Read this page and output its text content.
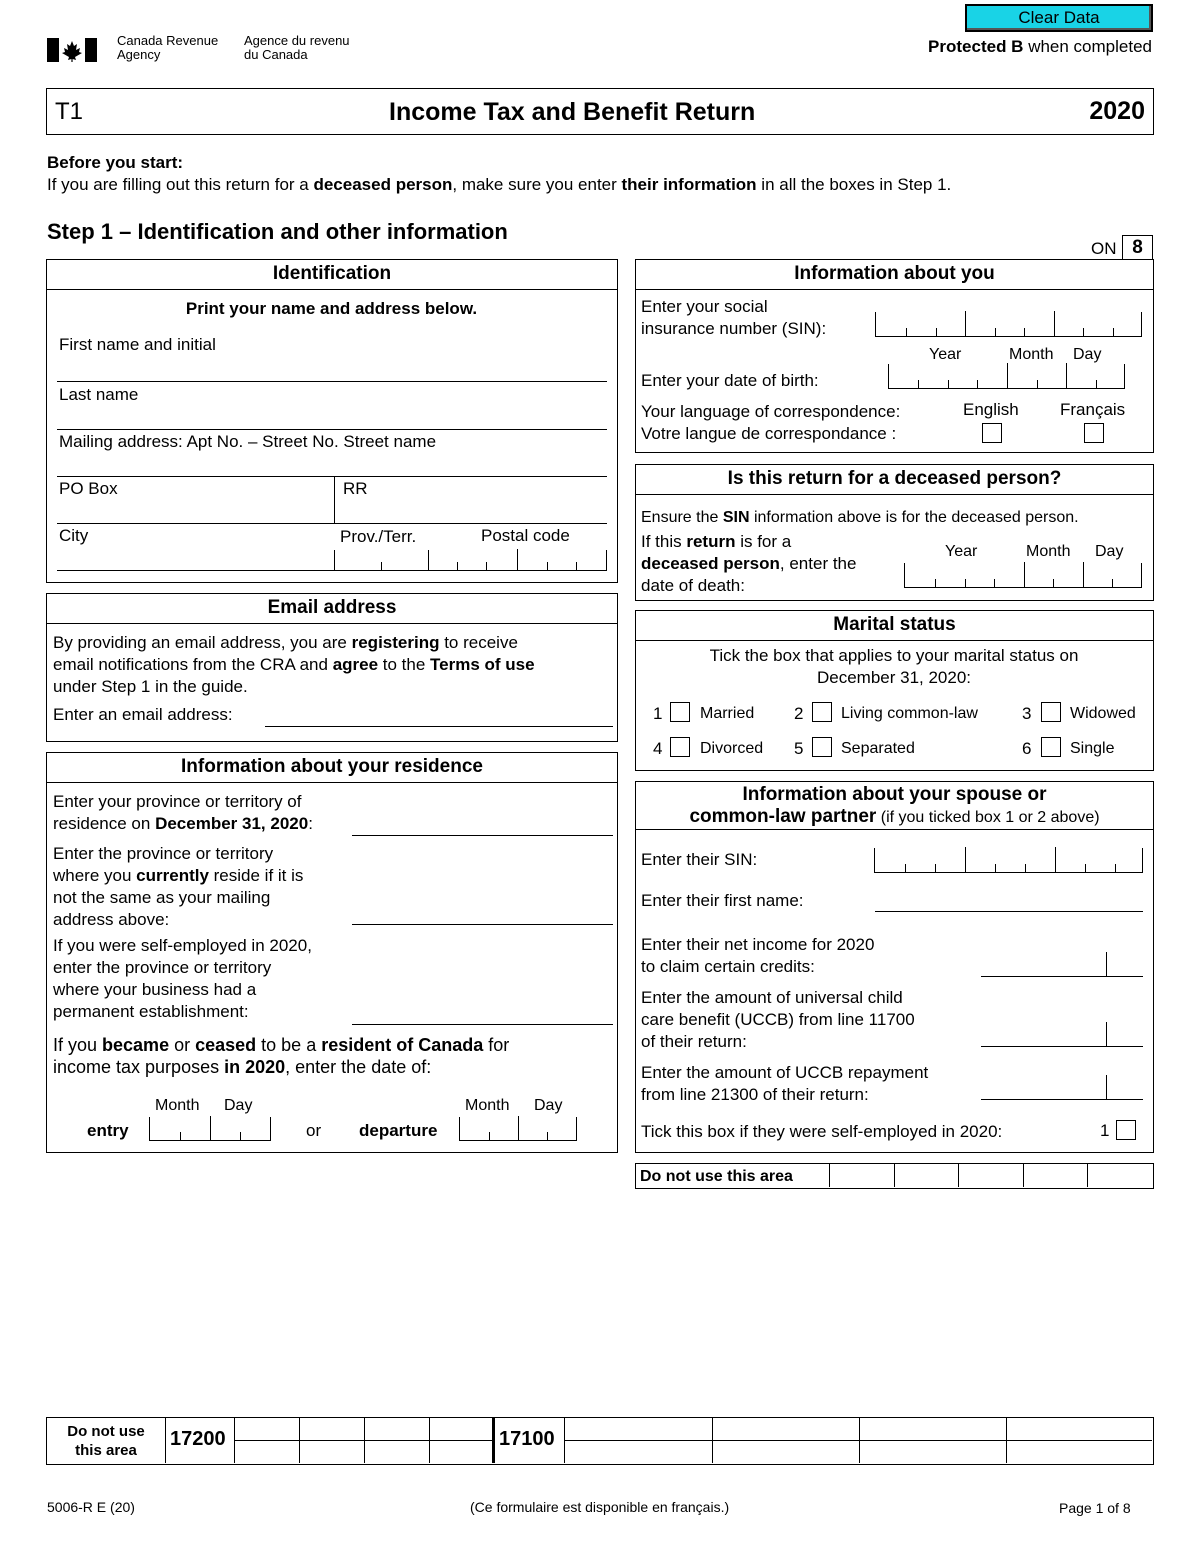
Canada Revenue
Agency
Agence du revenu
du Canada
Clear Data
Protected B when completed
T1	Income Tax and Benefit Return	2020
Before you start:
If you are filling out this return for a deceased person, make sure you enter their information in all the boxes in Step 1.
Step 1 – Identification and other information
ON 8
Identification
Print your name and address below.
First name and initial
Last name
Mailing address: Apt No. – Street No. Street name
PO Box	RR
City	Prov./Terr.	Postal code
Email address
By providing an email address, you are registering to receive
email notifications from the CRA and agree to the Terms of use
under Step 1 in the guide.
Enter an email address:
Information about your residence
Enter your province or territory of
residence on December 31, 2020:
Enter the province or territory
where you currently reside if it is
not the same as your mailing
address above:
If you were self-employed in 2020,
enter the province or territory
where your business had a
permanent establishment:
If you became or ceased to be a resident of Canada for
income tax purposes in 2020, enter the date of:
Month Day
entry	or
Month Day
departure
Information about you
Enter your social
insurance number (SIN):
Year	Month Day
Enter your date of birth:
Your language of correspondence:
Votre langue de correspondance :
English Français
Is this return for a deceased person?
Ensure the SIN information above is for the deceased person.
If this return is for a
deceased person, enter the
date of death:
Year	Month Day
Marital status
Tick the box that applies to your marital status on
December 31, 2020:
1 Married 2 Living common-law	3 Widowed
4 Divorced 5 Separated	6 Single
Information about your spouse or
common-law partner (if you ticked box 1 or 2 above)
Enter their SIN:
Enter their first name:
Enter their net income for 2020
to claim certain credits:
Enter the amount of universal child
care benefit (UCCB) from line 11700
of their return:
Enter the amount of UCCB repayment
from line 21300 of their return:
Tick this box if they were self-employed in 2020:	1
Do not use this area
Do not use
this area
17200	17100
5006-R E (20)	(Ce formulaire est disponible en français.)	Page 1 of 8
